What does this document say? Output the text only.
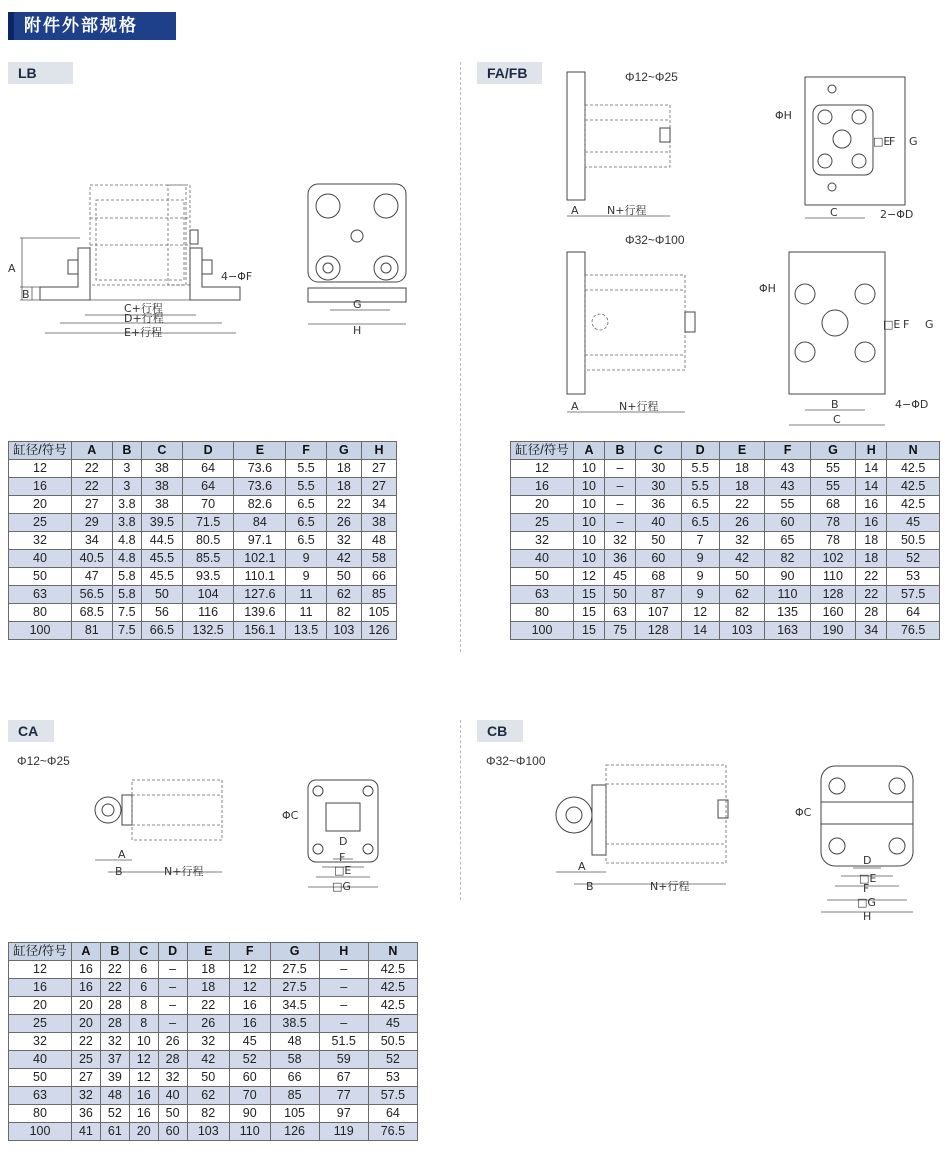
附件外部规格
LB
A
B
C+行程
D+行程
E+行程
4−ΦF
G
H
缸径/符号	A	B	C	D	E	F	G	H
12	22	3	38	64	73.6	5.5	18	27
16	22	3	38	64	73.6	5.5	18	27
20	27	3.8	38	70	82.6	6.5	22	34
25	29	3.8	39.5	71.5	84	6.5	26	38
32	34	4.8	44.5	80.5	97.1	6.5	32	48
40	40.5	4.8	45.5	85.5	102.1	9	42	58
50	47	5.8	45.5	93.5	110.1	9	50	66
63	56.5	5.8	50	104	127.6	11	62	85
80	68.5	7.5	56	116	139.6	11	82	105
100	81	7.5	66.5	132.5	156.1	13.5	103	126
FA/FB	Φ12~Φ25
Φ32~Φ100
A	N+行程
ΦH
□E
F G
C	2−ΦD
A	N+行程
ΦH
□E F G
B
C
4−ΦD
缸径/符号	A	B	C	D	E	F	G	H	N
12	10	–	30	5.5	18	43	55	14	42.5
16	10	–	30	5.5	18	43	55	14	42.5
20	10	–	36	6.5	22	55	68	16	42.5
25	10	–	40	6.5	26	60	78	16	45
32	10	32	50	7	32	65	78	18	50.5
40	10	36	60	9	42	82	102	18	52
50	12	45	68	9	50	90	110	22	53
63	15	50	87	9	62	110	128	22	57.5
80	15	63	107	12	82	135	160	28	64
100	15	75	128	14	103	163	190	34	76.5
CA
Φ12~Φ25
A
B	N+行程
ΦC
D
F
□E
□G
缸径/符号	A	B	C	D	E	F	G	H	N
12	16	22	6	–	18	12	27.5	–	42.5
16	16	22	6	–	18	12	27.5	–	42.5
20	20	28	8	–	22	16	34.5	–	42.5
25	20	28	8	–	26	16	38.5	–	45
32	22	32	10	26	32	45	48	51.5	50.5
40	25	37	12	28	42	52	58	59	52
50	27	39	12	32	50	60	66	67	53
63	32	48	16	40	62	70	85	77	57.5
80	36	52	16	50	82	90	105	97	64
100	41	61	20	60	103	110	126	119	76.5
CB
Φ32~Φ100
A
B	N+行程
ΦC
D
□E
F
□G
H
